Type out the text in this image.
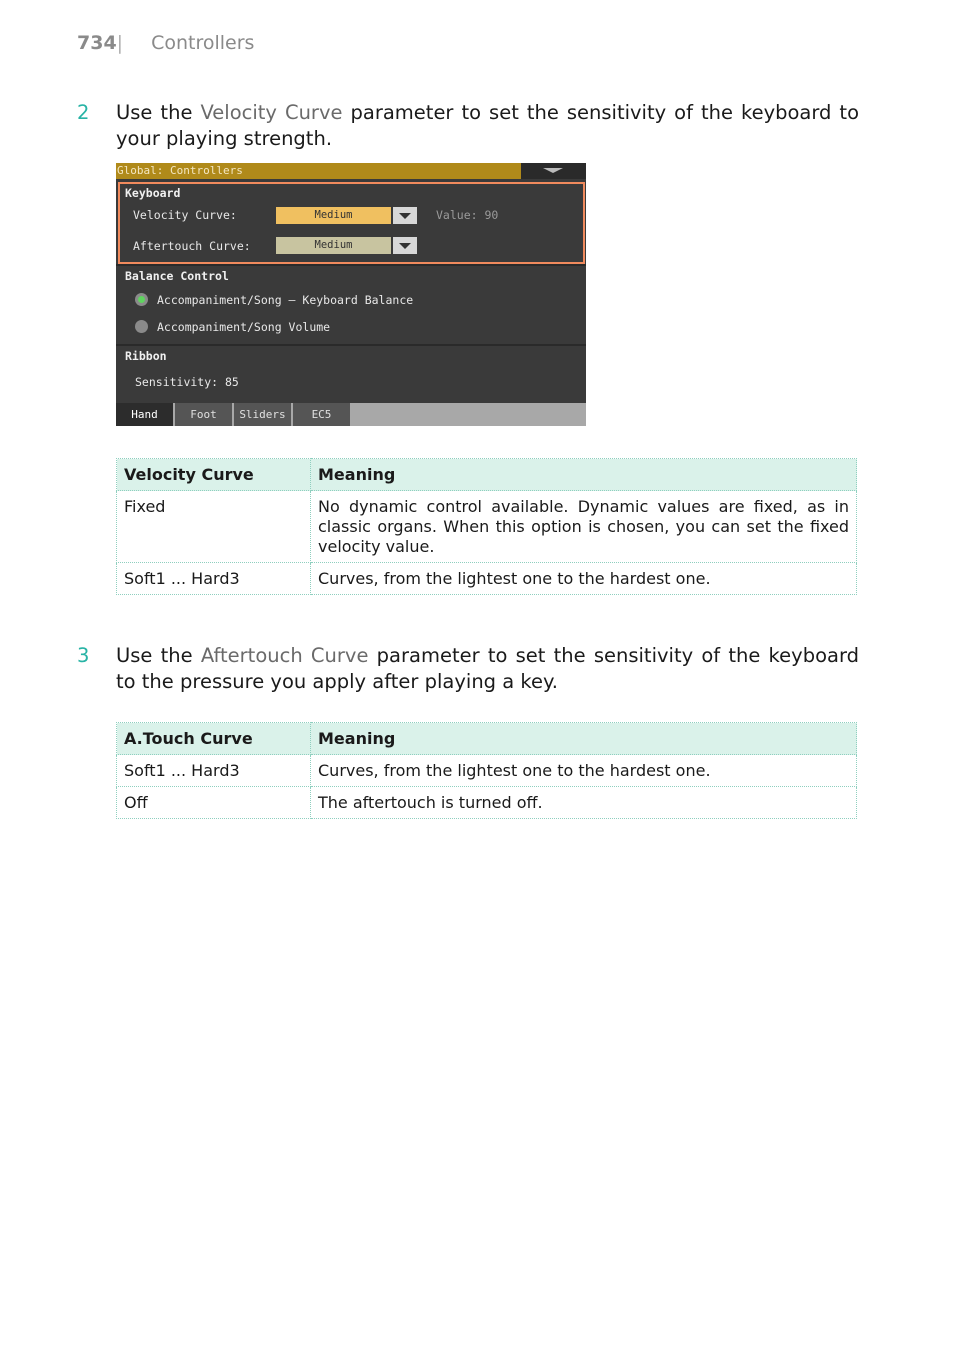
734| Controllers
2 Use the Velocity Curve parameter to set the sensitivity of the keyboard to your playing strength.
Global: Controllers
Keyboard
Velocity Curve:	Medium	Value: 90
Aftertouch Curve:	Medium
Balance Control
Accompaniment/Song – Keyboard Balance
Accompaniment/Song Volume
Ribbon
Sensitivity: 85
Hand	Foot	Sliders	EC5
Velocity Curve	Meaning
Fixed	No dynamic control available. Dynamic values are fixed, as in classic organs. When this option is chosen, you can set the fixed velocity value.
Soft1 ... Hard3	Curves, from the lightest one to the hardest one.
3 Use the Aftertouch Curve parameter to set the sensitivity of the keyboard to the pressure you apply after playing a key.
A.Touch Curve	Meaning
Soft1 ... Hard3	Curves, from the lightest one to the hardest one.
Off	The aftertouch is turned off.
